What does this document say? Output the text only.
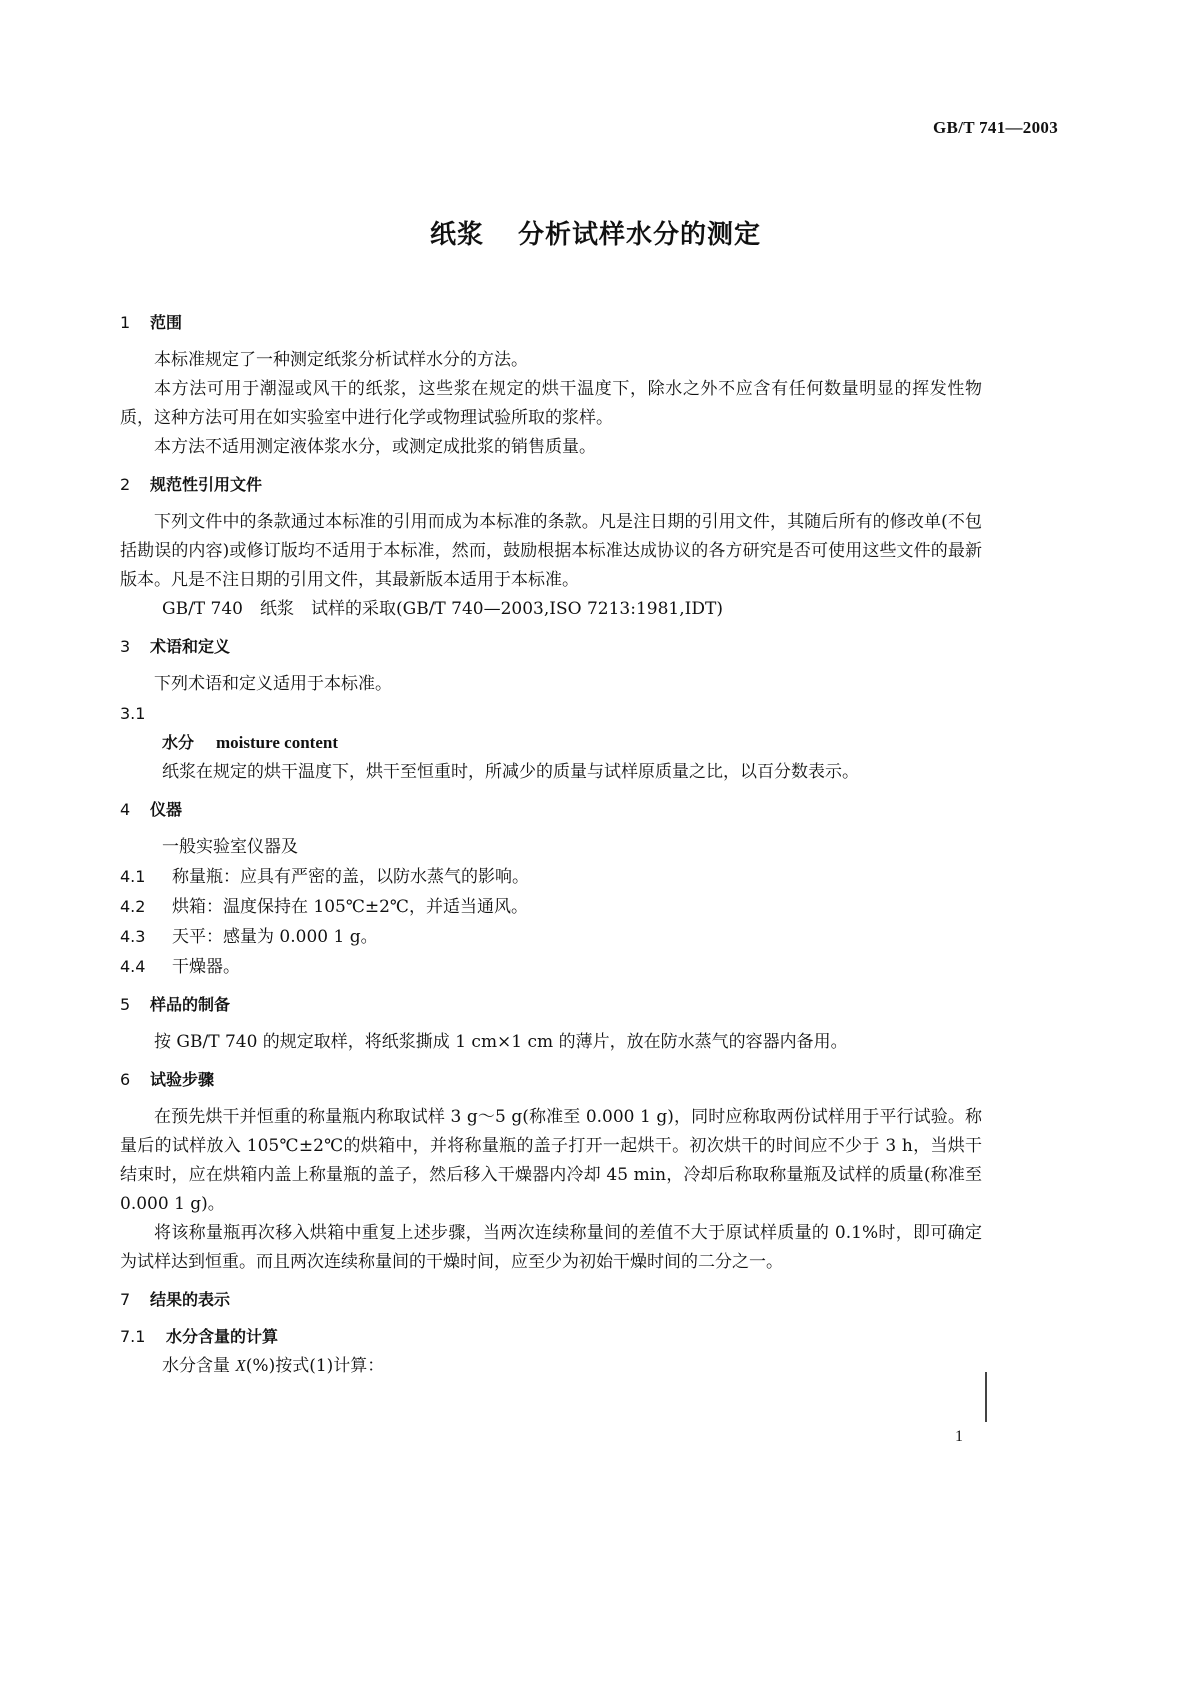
GB/T 741—2003
纸浆 分析试样水分的测定
1 范围

本标准规定了一种测定纸浆分析试样水分的方法。

本方法可用于潮湿或风干的纸浆，这些浆在规定的烘干温度下，除水之外不应含有任何数量明显的挥发性物质，这种方法可用在如实验室中进行化学或物理试验所取的浆样。

本方法不适用测定液体浆水分，或测定成批浆的销售质量。

2 规范性引用文件

下列文件中的条款通过本标准的引用而成为本标准的条款。凡是注日期的引用文件，其随后所有的修改单(不包括勘误的内容)或修订版均不适用于本标准，然而，鼓励根据本标准达成协议的各方研究是否可使用这些文件的最新版本。凡是不注日期的引用文件，其最新版本适用于本标准。

GB/T 740　纸浆　试样的采取(GB/T 740—2003,ISO 7213:1981,IDT)

3 术语和定义

下列术语和定义适用于本标准。

3.1

水分 moisture content

纸浆在规定的烘干温度下，烘干至恒重时，所减少的质量与试样原质量之比，以百分数表示。

4 仪器

一般实验室仪器及

4.1 称量瓶：应具有严密的盖，以防水蒸气的影响。

4.2 烘箱：温度保持在 105℃±2℃，并适当通风。

4.3 天平：感量为 0.000 1 g。

4.4 干燥器。

5 样品的制备

按 GB/T 740 的规定取样，将纸浆撕成 1 cm×1 cm 的薄片，放在防水蒸气的容器内备用。

6 试验步骤

在预先烘干并恒重的称量瓶内称取试样 3 g～5 g(称准至 0.000 1 g)，同时应称取两份试样用于平行试验。称量后的试样放入 105℃±2℃的烘箱中，并将称量瓶的盖子打开一起烘干。初次烘干的时间应不少于 3 h，当烘干结束时，应在烘箱内盖上称量瓶的盖子，然后移入干燥器内冷却 45 min，冷却后称取称量瓶及试样的质量(称准至 0.000 1 g)。

将该称量瓶再次移入烘箱中重复上述步骤，当两次连续称量间的差值不大于原试样质量的 0.1%时，即可确定为试样达到恒重。而且两次连续称量间的干燥时间，应至少为初始干燥时间的二分之一。

7 结果的表示
7.1 水分含量的计算

水分含量 X(%)按式(1)计算：

1
